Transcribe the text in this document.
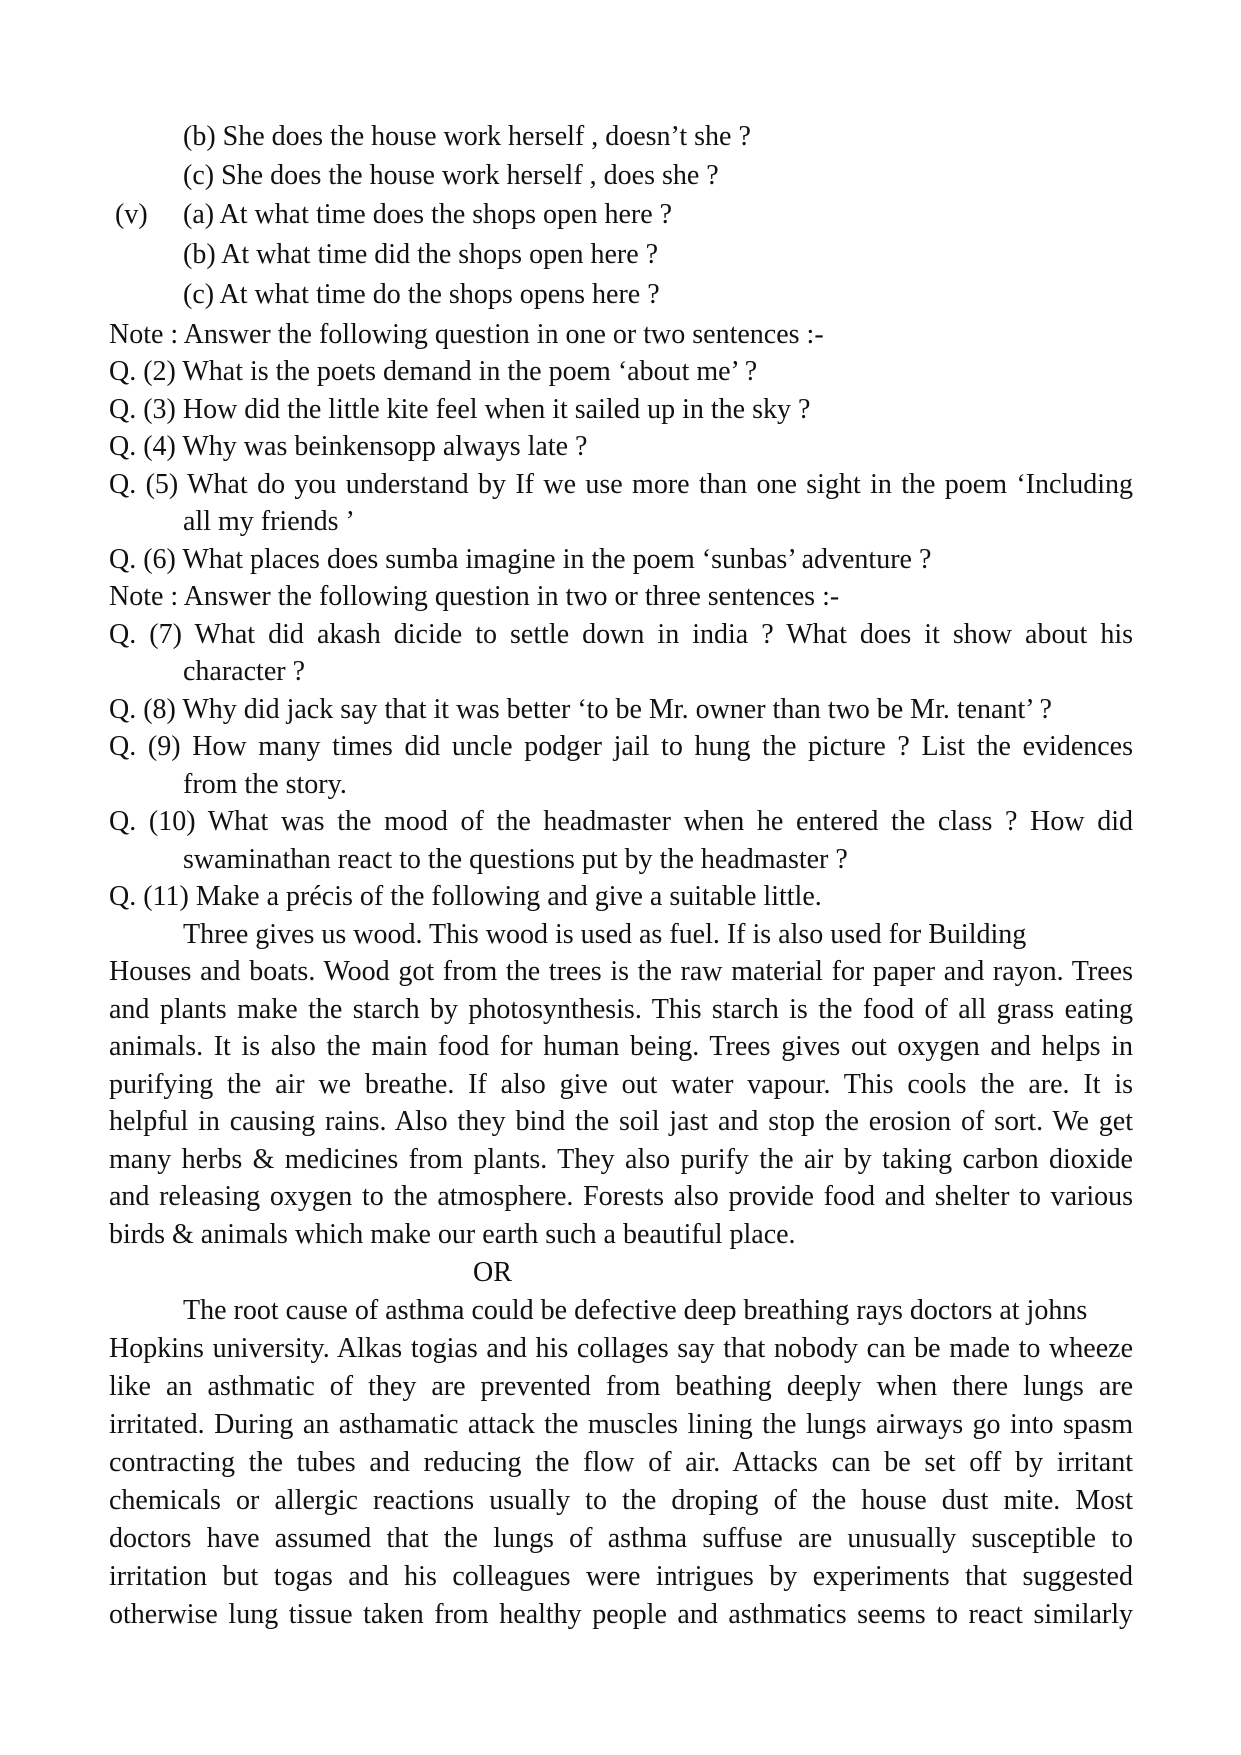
(b) She does the house work herself , doesn’t she ?
(c) She does the house work herself , does she ?
(v) (a) At what time does the shops open here ?
(b) At what time did the shops open here ?
(c) At what time do the shops opens here ?
Note : Answer the following question in one or two sentences :-
Q. (2) What is the poets demand in the poem ‘about me’ ?
Q. (3) How did the little kite feel when it sailed up in the sky ?
Q. (4) Why was beinkensopp always late ?
Q. (5) What do you understand by If we use more than one sight in the poem ‘Including
all my friends ’
Q. (6) What places does sumba imagine in the poem ‘sunbas’ adventure ?
Note : Answer the following question in two or three sentences :-
Q. (7) What did akash dicide to settle down in india ? What does it show about his
character ?
Q. (8) Why did jack say that it was better ‘to be Mr. owner than two be Mr. tenant’ ?
Q. (9) How many times did uncle podger jail to hung the picture ? List the evidences
from the story.
Q. (10) What was the mood of the headmaster when he entered the class ? How did
swaminathan react to the questions put by the headmaster ?
Q. (11) Make a précis of the following and give a suitable little.
Three gives us wood. This wood is used as fuel. If is also used for Building
Houses and boats. Wood got from the trees is the raw material for paper and rayon. Trees
and plants make the starch by photosynthesis. This starch is the food of all grass eating
animals. It is also the main food for human being. Trees gives out oxygen and helps in
purifying the air we breathe. If also give out water vapour. This cools the are. It is
helpful in causing rains. Also they bind the soil jast and stop the erosion of sort. We get
many herbs & medicines from plants. They also purify the air by taking carbon dioxide
and releasing oxygen to the atmosphere. Forests also provide food and shelter to various
birds & animals which make our earth such a beautiful place.
OR
The root cause of asthma could be defective deep breathing rays doctors at johns
Hopkins university. Alkas togias and his collages say that nobody can be made to wheeze
like an asthmatic of they are prevented from beathing deeply when there lungs are
irritated. During an asthamatic attack the muscles lining the lungs airways go into spasm
contracting the tubes and reducing the flow of air. Attacks can be set off by irritant
chemicals or allergic reactions usually to the droping of the house dust mite. Most
doctors have assumed that the lungs of asthma suffuse are unusually susceptible to
irritation but togas and his colleagues were intrigues by experiments that suggested
otherwise lung tissue taken from healthy people and asthmatics seems to react similarly
